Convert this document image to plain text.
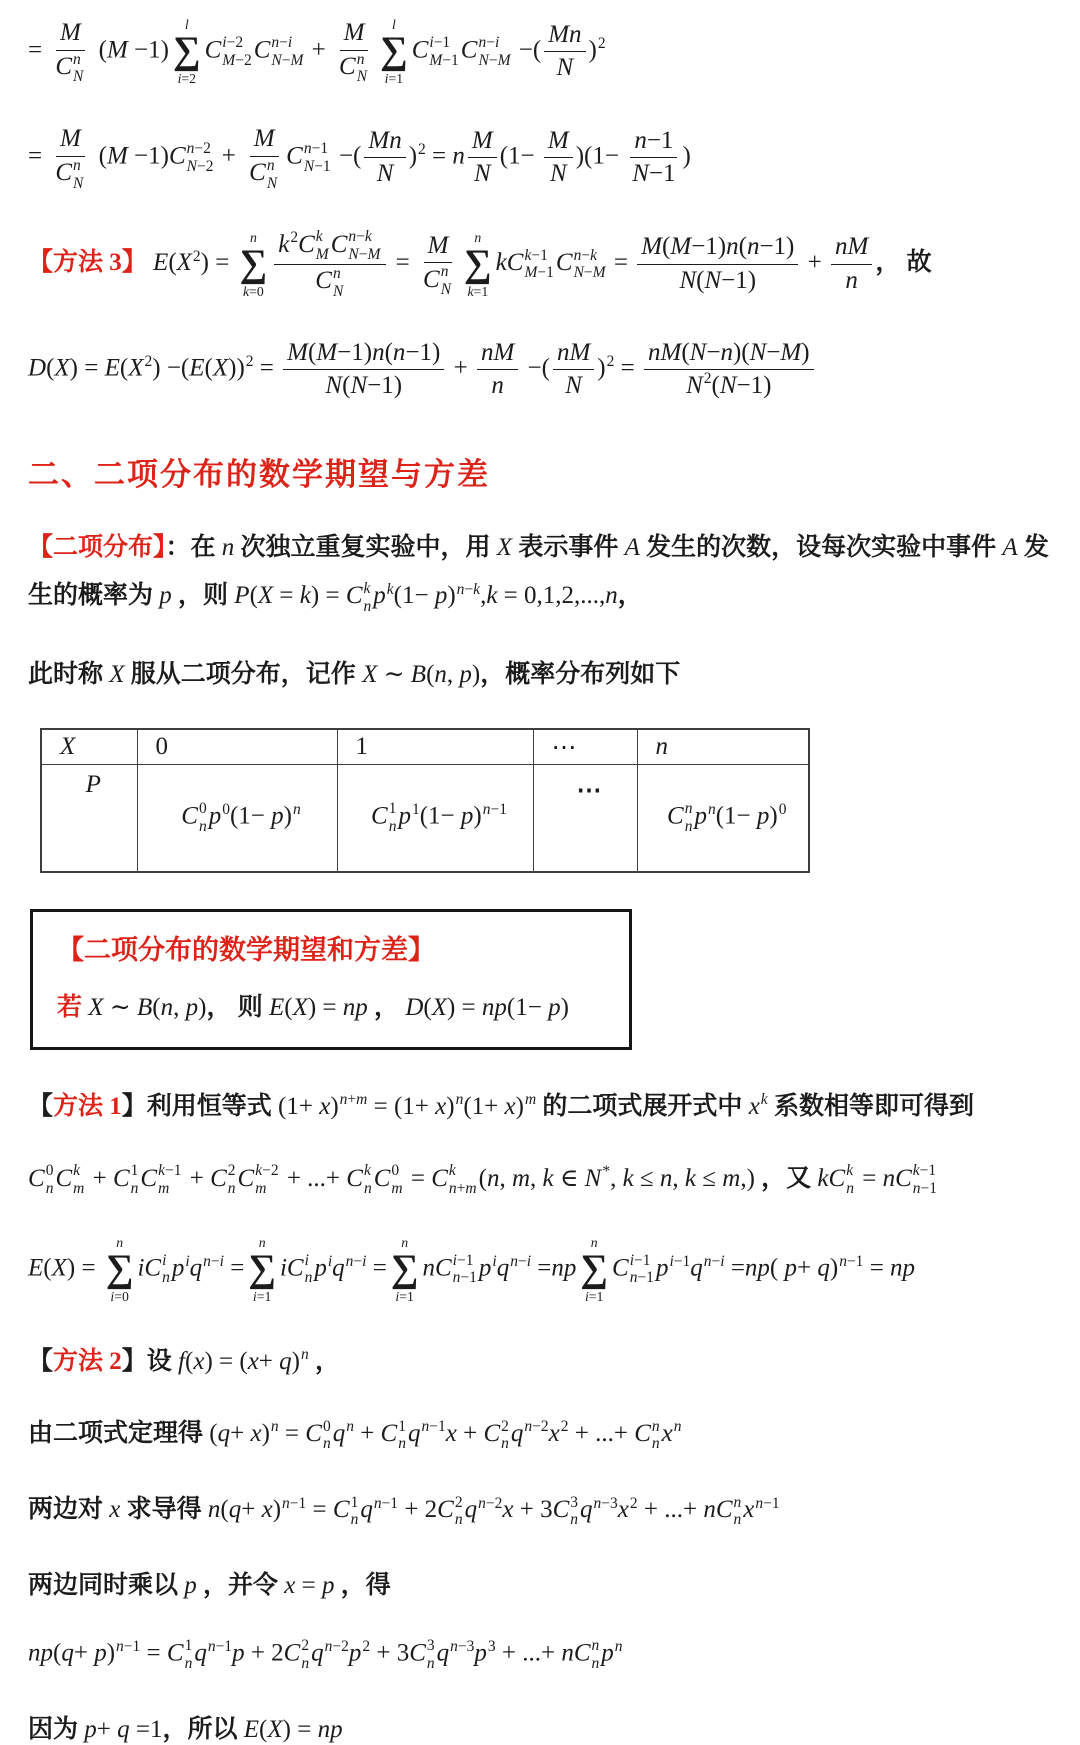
= M
C n
N (M −1)
l
∑
i=2
C i−2
M−2 C n−i
N−M + M
C n
N l
∑
i=1
C i−1
M−1 C n−i
N−M −( $\frac{Mn}{N} )^2$
= M
C n
N (M −1)C n−2
N−2 + M
C n
N C n−1
N−1 −( $\frac{Mn}{N} )^2 = n \frac{M}{N} (1- \frac{M}{N} )(1- \frac{n-1}{N-1}$ )
【方法 3】 $E(X^2)$ =
n
∑
k=0 $k^2C$ k
M C n−k
N−M
C n
N = M
C n
N n
∑
k=1
kC k−1
M−1 C n−k
$N-M = \frac{M(M-1)n(n-1)}{N(N-1)} + \frac{nM}{n}$ ， 故
$D(X) = E(X^2) -(E(X))^2 = \frac{M(M-1)n(n-1)}{N(N-1)} + \frac{nM}{n}$ −( $\frac{nM}{N} )^2 = \frac{nM(N-n)(N-M)}{N^2(N-1)}$
二、二项分布的数学期望与方差
【二项分布】：在 n 次独立重复实验中，用 X 表示事件 A 发生的次数，设每次实验中事件 A 发生的概率为 p ，则 P(X = k) = C k
n $p^k(1- p)^{n-k},k = 0,1,2,...,n$，
此时称 X 服从二项分布，记作 X ∼ B(n, p)，概率分布列如下
X	0	1	⋯	n
P	C 0
n $p^0(1- p)^n$	C 1
n $p^1(1- p)^{n-1}$	⋯	C n
n $p^n(1- p)^0$
【二项分布的数学期望和方差】
若 X ∼ B(n, p)， 则 E(X) = np ， D(X) = np(1− p)
【方法 1】利用恒等式 $(1+ x)^{n+m} = (1+ x)^n(1+ x)^m$ 的二项式展开式中 $x^k$ 系数相等即可得到
C 0
n C k
m + C 1
n C k−1
m + C 2
n C k−2
m + ...+ C k
n C 0
m = C k
n+m (n, m, k ∈ N*, k ≤ n, k ≤ m,) ，又 kC k
n = nC k−1
n−1
E(X) =
n
∑
i=0
iC i
n $p^iq^{n-i}$ =
n
∑
i=1
iC i
n $p^iq^{n-i}$ =
n
∑
i=1
nC i−1
n−1 $p^iq^{n-i} =np$
n
∑
i=1
C i−1
n−1 $p^{i-1}q^{n-i} =np$( p+ q)$^{n-1}$ = np
【方法 2】设 $f(x) = (x+ q)^n$ ，
由二项式定理得 $(q+ x)^n = C$ 0
n $q^n + C$ 1
n $q^{n-1}x + C$ 2
n $q^{n-2}x^2$ + ...+ C n
n $x^n$
两边对 x 求导得 $n(q+ x)^{n-1} = C$ 1
n $q^{n-1} + 2C$ 2
n $q^{n-2}x + 3C$ 3
n $q^{n-3}x^2$ + ...+ nC n
n $x^{n-1}$
两边同时乘以 p ，并令 x = p ，得
$np(q+ p)^{n-1} = C$ 1
n $q^{n-1}p + 2C$ 2
n $q^{n-2}p^2 + 3C$ 3
n $q^{n-3}p^3$ + ...+ nC n
n $p^n$
因为 p+ q =1，所以 E(X) = np
